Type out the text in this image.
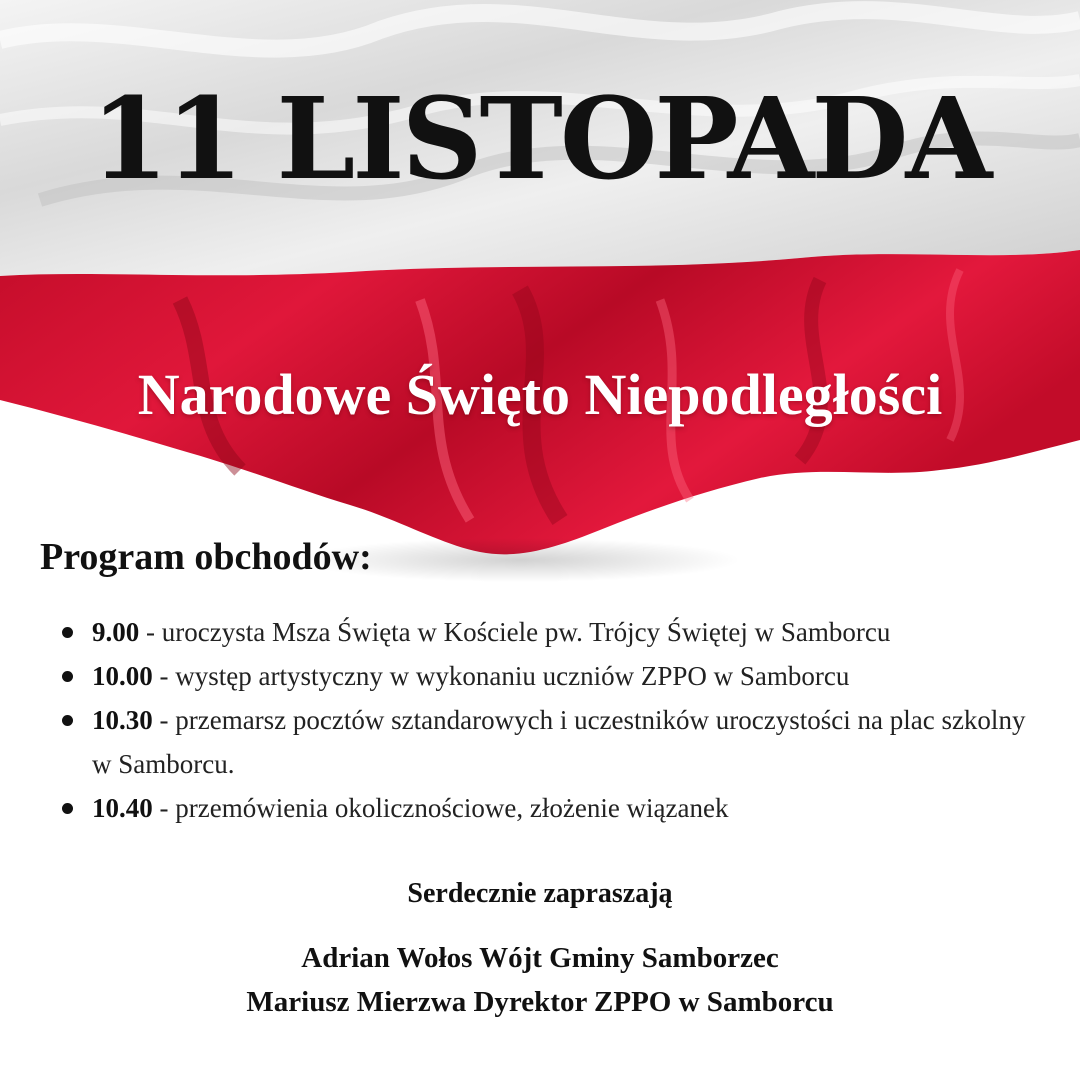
11 LISTOPADA
Narodowe Święto Niepodległości
Program obchodów:
9.00 - uroczysta Msza Święta w Kościele pw. Trójcy Świętej w Samborcu
10.00 - występ artystyczny w wykonaniu uczniów ZPPO w Samborcu
10.30 - przemarsz pocztów sztandarowych i uczestników uroczystości na plac szkolny w Samborcu.
10.40 - przemówienia okolicznościowe, złożenie wiązanek

Serdecznie zapraszają

Adrian Wołos Wójt Gminy Samborzec
Mariusz Mierzwa Dyrektor ZPPO w Samborcu
